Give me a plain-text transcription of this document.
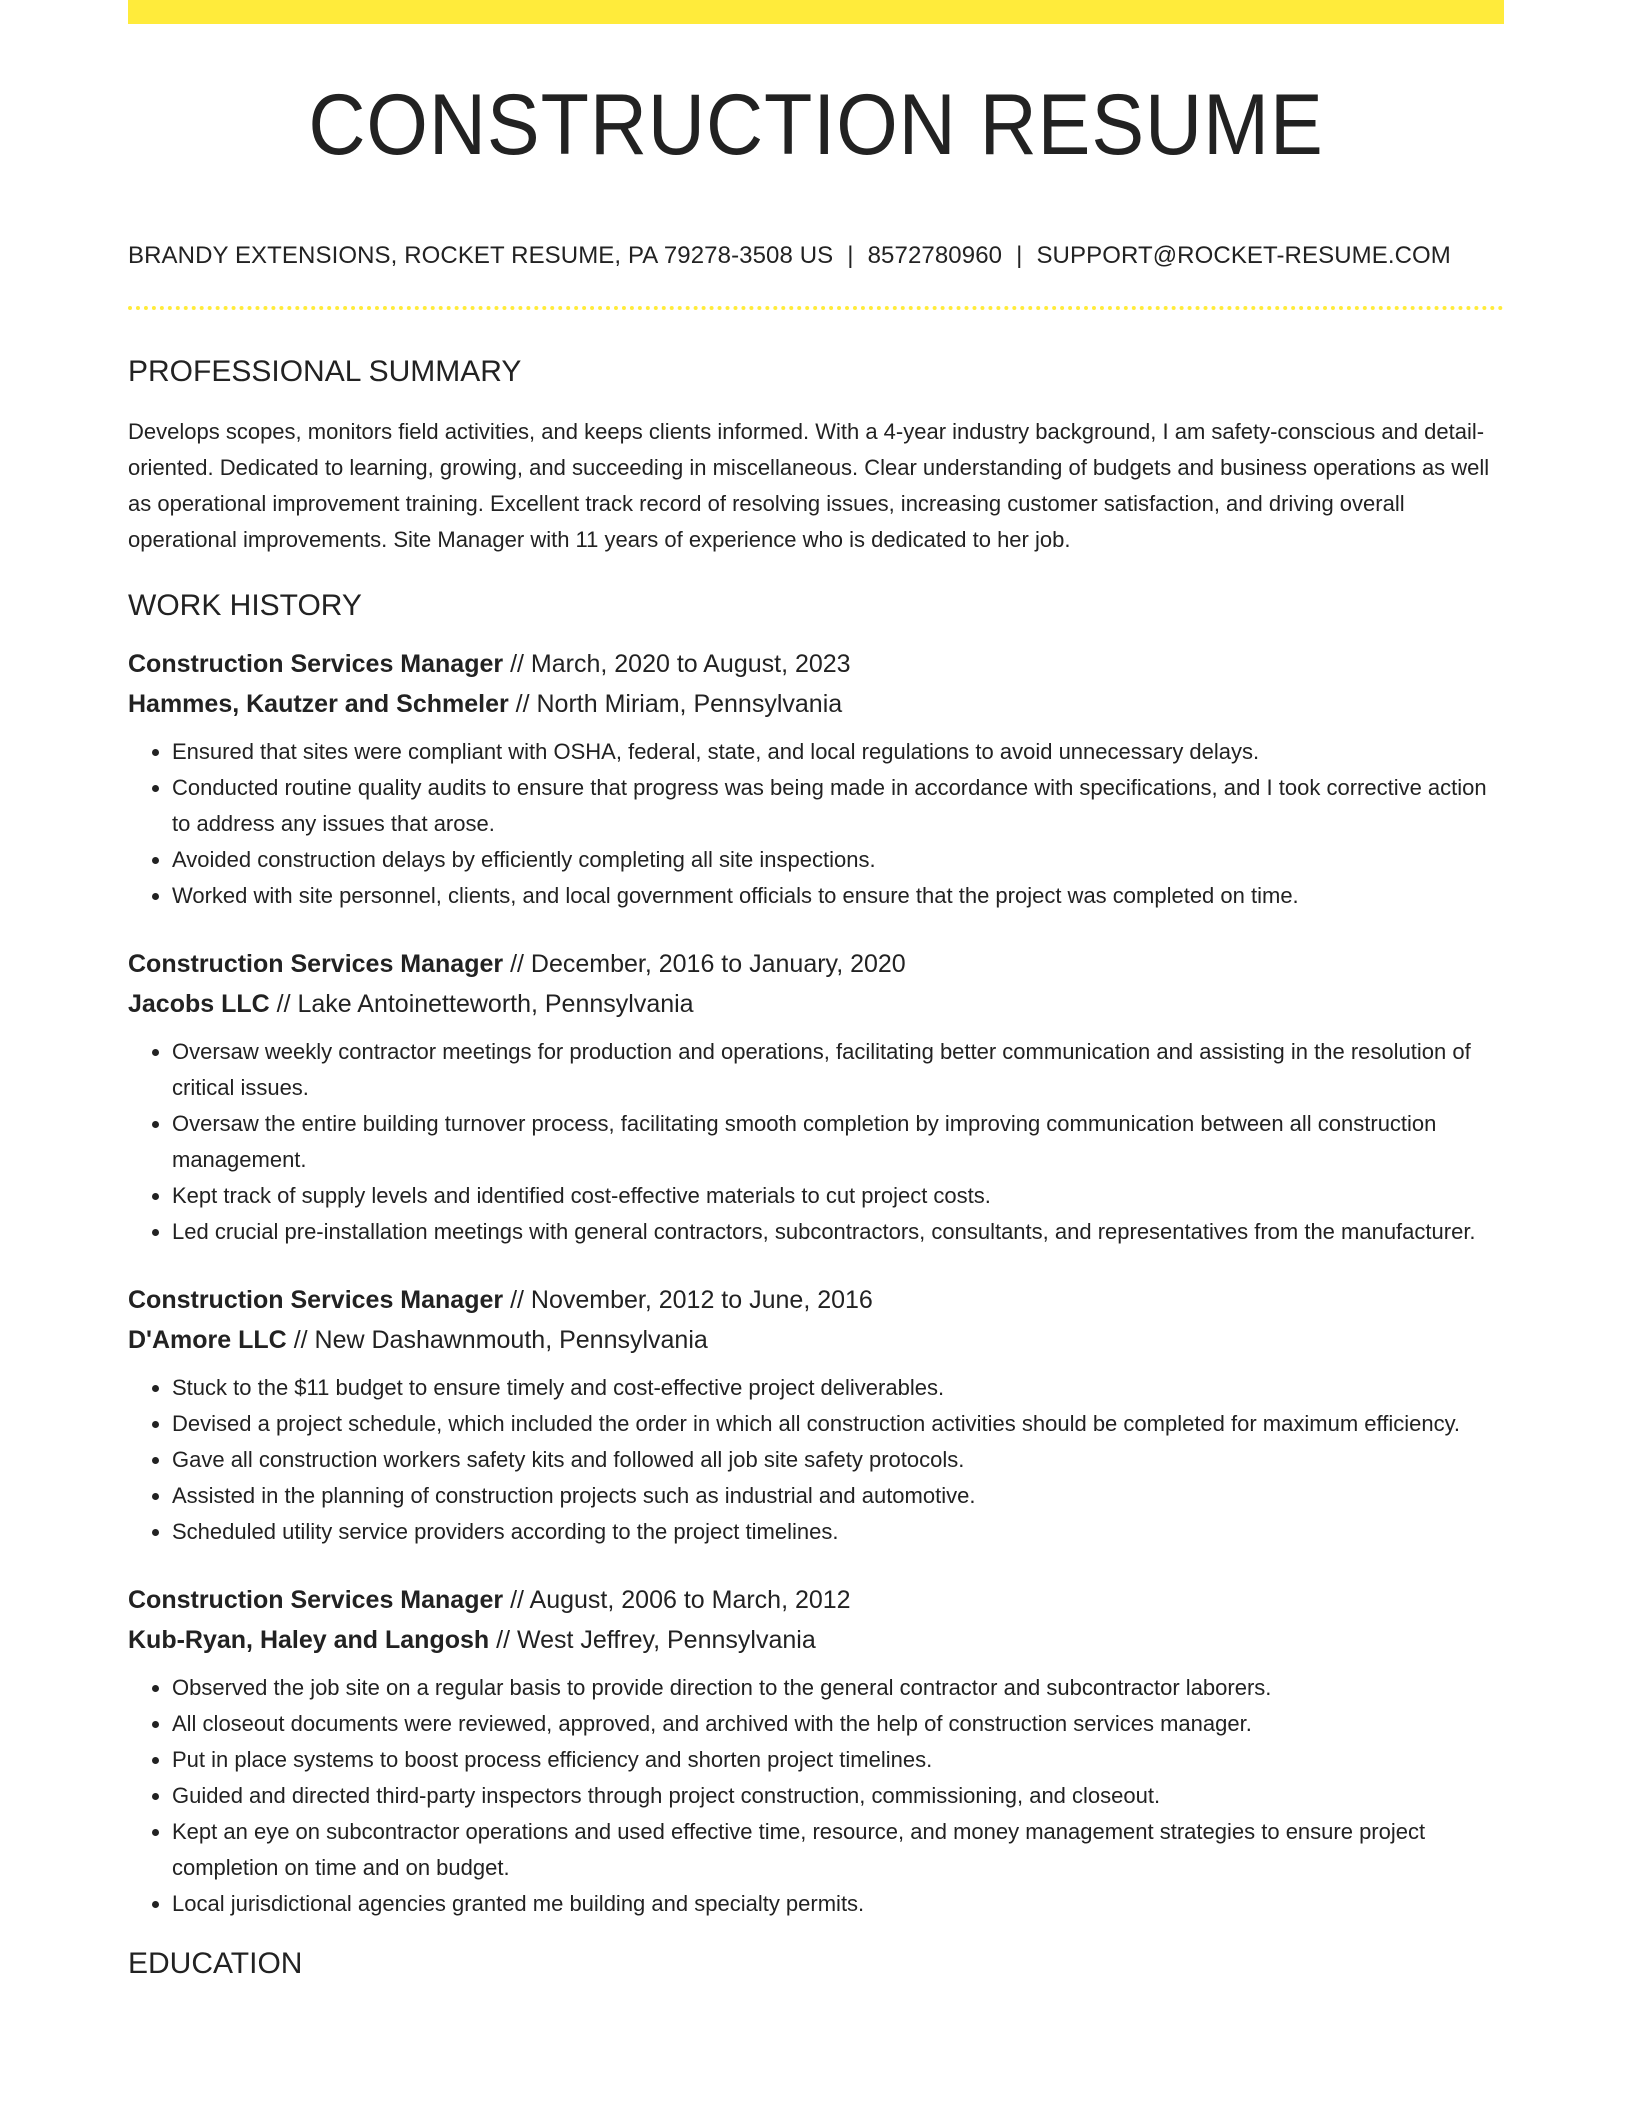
CONSTRUCTION RESUME
BRANDY EXTENSIONS, ROCKET RESUME, PA 79278-3508 US | 8572780960 | SUPPORT@ROCKET-RESUME.COM
PROFESSIONAL SUMMARY
Develops scopes, monitors field activities, and keeps clients informed. With a 4-year industry background, I am safety-conscious and detail-oriented. Dedicated to learning, growing, and succeeding in miscellaneous. Clear understanding of budgets and business operations as well as operational improvement training. Excellent track record of resolving issues, increasing customer satisfaction, and driving overall operational improvements. Site Manager with 11 years of experience who is dedicated to her job.
WORK HISTORY
Construction Services Manager // March, 2020 to August, 2023
Hammes, Kautzer and Schmeler // North Miriam, Pennsylvania
• Ensured that sites were compliant with OSHA, federal, state, and local regulations to avoid unnecessary delays.
• Conducted routine quality audits to ensure that progress was being made in accordance with specifications, and I took corrective action to address any issues that arose.
• Avoided construction delays by efficiently completing all site inspections.
• Worked with site personnel, clients, and local government officials to ensure that the project was completed on time.
Construction Services Manager // December, 2016 to January, 2020
Jacobs LLC // Lake Antoinetteworth, Pennsylvania
• Oversaw weekly contractor meetings for production and operations, facilitating better communication and assisting in the resolution of critical issues.
• Oversaw the entire building turnover process, facilitating smooth completion by improving communication between all construction management.
• Kept track of supply levels and identified cost-effective materials to cut project costs.
• Led crucial pre-installation meetings with general contractors, subcontractors, consultants, and representatives from the manufacturer.
Construction Services Manager // November, 2012 to June, 2016
D'Amore LLC // New Dashawnmouth, Pennsylvania
• Stuck to the $11 budget to ensure timely and cost-effective project deliverables.
• Devised a project schedule, which included the order in which all construction activities should be completed for maximum efficiency.
• Gave all construction workers safety kits and followed all job site safety protocols.
• Assisted in the planning of construction projects such as industrial and automotive.
• Scheduled utility service providers according to the project timelines.
Construction Services Manager // August, 2006 to March, 2012
Kub-Ryan, Haley and Langosh // West Jeffrey, Pennsylvania
• Observed the job site on a regular basis to provide direction to the general contractor and subcontractor laborers.
• All closeout documents were reviewed, approved, and archived with the help of construction services manager.
• Put in place systems to boost process efficiency and shorten project timelines.
• Guided and directed third-party inspectors through project construction, commissioning, and closeout.
• Kept an eye on subcontractor operations and used effective time, resource, and money management strategies to ensure project completion on time and on budget.
• Local jurisdictional agencies granted me building and specialty permits.
EDUCATION
